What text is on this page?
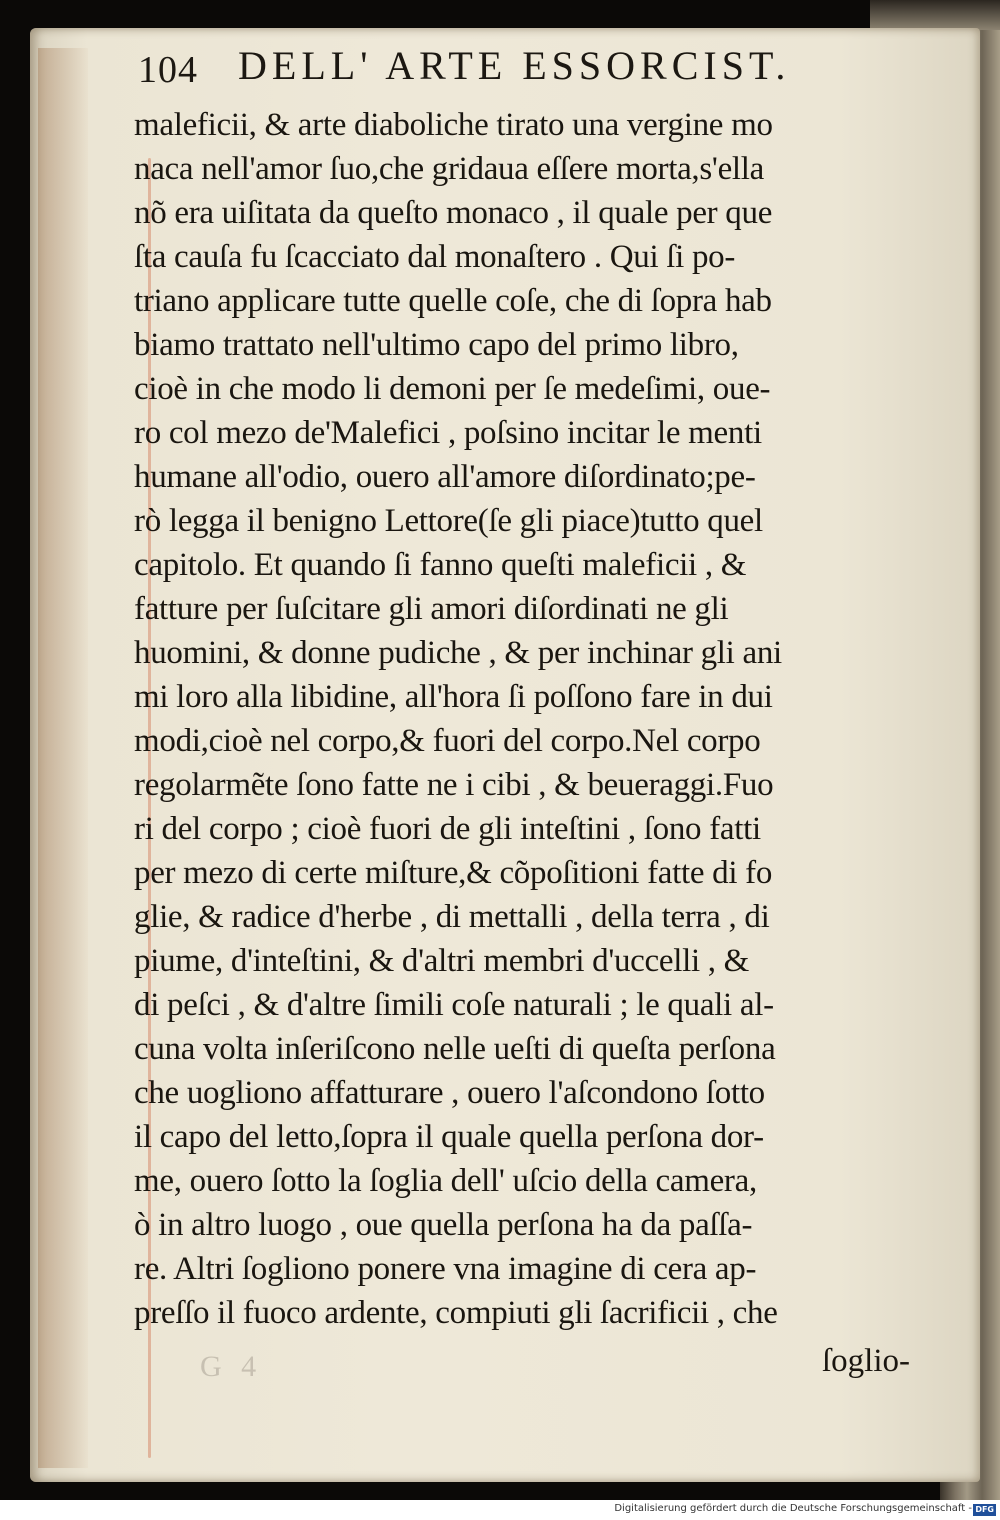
104 DELL' ARTE ESSORCIST.
maleficii, & arte diaboliche tirato una vergine mo
naca nell'amor ſuo,che gridaua eſſere morta,s'ella
nõ era uiſitata da queſto monaco , il quale per que
ſta cauſa fu ſcacciato dal monaſtero . Qui ſi po-
triano applicare tutte quelle coſe, che di ſopra hab
biamo trattato nell'ultimo capo del primo libro,
cioè in che modo li demoni per ſe medeſimi, oue-
ro col mezo de'Malefici , poſsino incitar le menti
humane all'odio, ouero all'amore diſordinato;pe-
rò legga il benigno Lettore(ſe gli piace)tutto quel
capitolo. Et quando ſi fanno queſti maleficii , &
fatture per ſuſcitare gli amori diſordinati ne gli
huomini, & donne pudiche , & per inchinar gli ani
mi loro alla libidine, all'hora ſi poſſono fare in dui
modi,cioè nel corpo,& fuori del corpo.Nel corpo
regolarmẽte ſono fatte ne i cibi , & beueraggi.Fuo
ri del corpo ; cioè fuori de gli inteſtini , ſono fatti
per mezo di certe miſture,& cõpoſitioni fatte di fo
glie, & radice d'herbe , di mettalli , della terra , di
piume, d'inteſtini, & d'altri membri d'uccelli , &
di peſci , & d'altre ſimili coſe naturali ; le quali al-
cuna volta inſeriſcono nelle ueſti di queſta perſona
che uogliono affatturare , ouero l'aſcondono ſotto
il capo del letto,ſopra il quale quella perſona dor-
me, ouero ſotto la ſoglia dell' uſcio della camera,
ò in altro luogo , oue quella perſona ha da paſſa-
re. Altri ſogliono ponere vna imagine di cera ap-
preſſo il fuoco ardente, compiuti gli ſacrificii , che
G 4	ſoglio-
Digitalisierung gefördert durch die Deutsche Forschungsgemeinschaft - DFG
